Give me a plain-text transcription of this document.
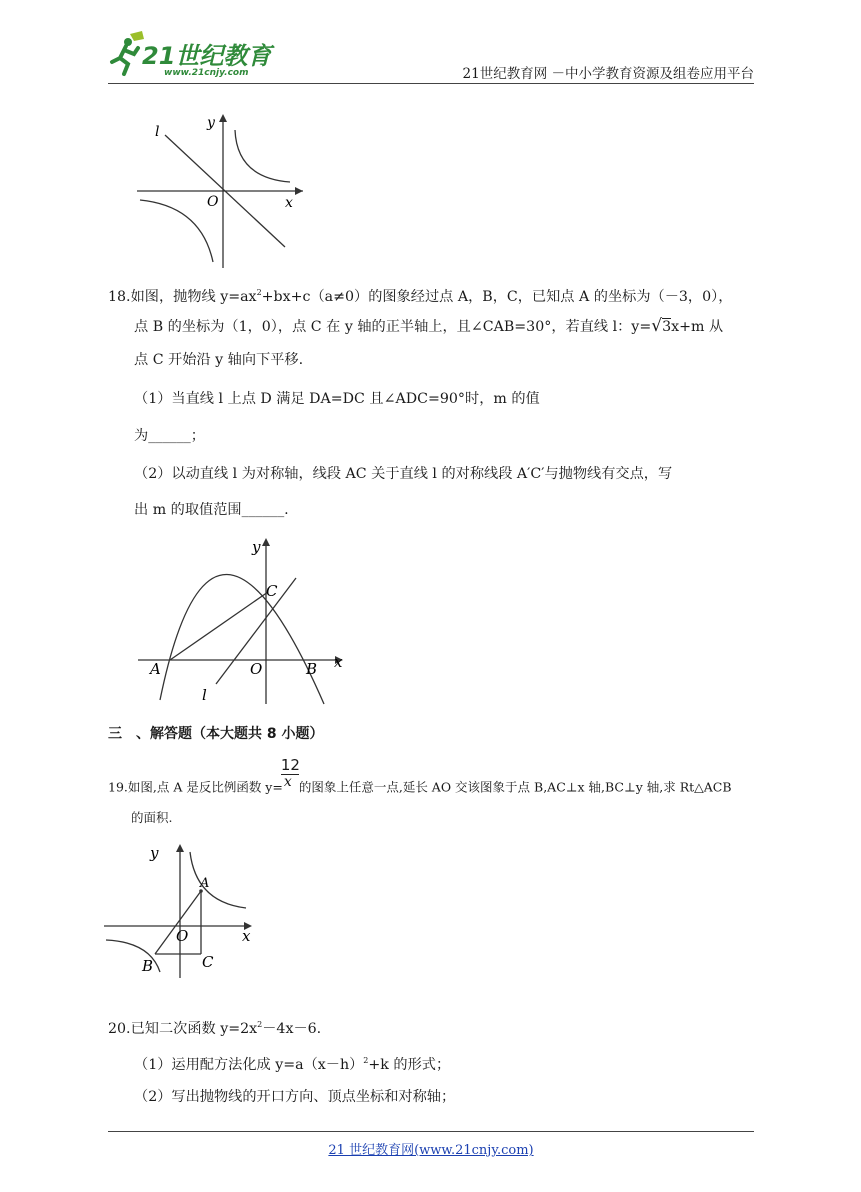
21世纪教育
www.21cnjy.com	21世纪教育网 －中小学教育资源及组卷应用平台
l
y
O	x
18.如图，抛物线 $y=ax^2+bx+c(a\ne 0)$的图象经过点 A，B，C，已知点 A 的坐标为（－3，0），
点 B 的坐标为（1，0），点 C 在 y 轴的正半轴上，且∠CAB=30°，若直线 l：y=√3x+m 从
点 C 开始沿 y 轴向下平移.
（1）当直线 l 上点 D 满足 DA=DC 且∠ADC=90°时，m 的值
为______；
（2）以动直线 l 为对称轴，线段 AC 关于直线 l 的对称线段 A′C′与抛物线有交点，写
出 m 的取值范围______.
y
C
A	O	B x
l
三　、解答题（本大题共 8 小题）
19.如图,点 A 是反比例函数 $y= \frac{12}{x}$ 的图象上任意一点,延长 AO 交该图象于点 B,AC⊥x 轴,BC⊥y 轴,求 Rt△ACB
的面积.
y
A
O	x
B	C
20.已知二次函数 $y=2x^2-4x-6$.
（1）运用配方法化成 $y=a(x-h)^2+k$ 的形式；
（2）写出抛物线的开口方向、顶点坐标和对称轴；
21 世纪教育网(www.21cnjy.com)
